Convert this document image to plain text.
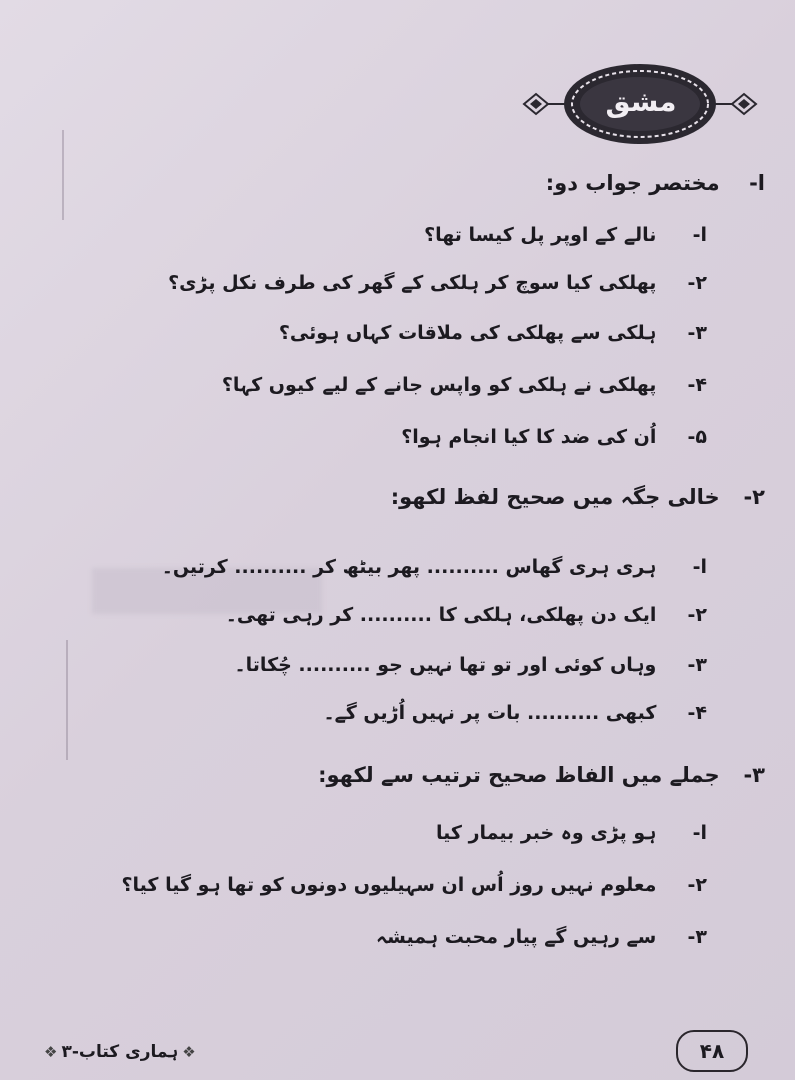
مشق
ا- مختصر جواب دو:
ا- نالے کے اوپر پل کیسا تھا؟
۲- پھلکی کیا سوچ کر ہلکی کے گھر کی طرف نکل پڑی؟
۳- ہلکی سے پھلکی کی ملاقات کہاں ہوئی؟
۴- پھلکی نے ہلکی کو واپس جانے کے لیے کیوں کہا؟
۵- اُن کی ضد کا کیا انجام ہوا؟
۲- خالی جگہ میں صحیح لفظ لکھو:
ا- ہری ہری گھاس .......... پھر بیٹھ کر .......... کرتیں۔
۲- ایک دن پھلکی، ہلکی کا .......... کر رہی تھی۔
۳- وہاں کوئی اور تو تھا نہیں جو .......... چُکاتا۔
۴- کبھی .......... بات پر نہیں اُڑیں گے۔
۳- جملے میں الفاظ صحیح ترتیب سے لکھو:
ا- ہو پڑی وہ خبر بیمار کیا
۲- معلوم نہیں روز اُس ان سہیلیوں دونوں کو تھا ہو گیا کیا؟
۳- سے رہیں گے پیار محبت ہمیشہ
❖ ہماری کتاب-۳ ❖	۴۸
